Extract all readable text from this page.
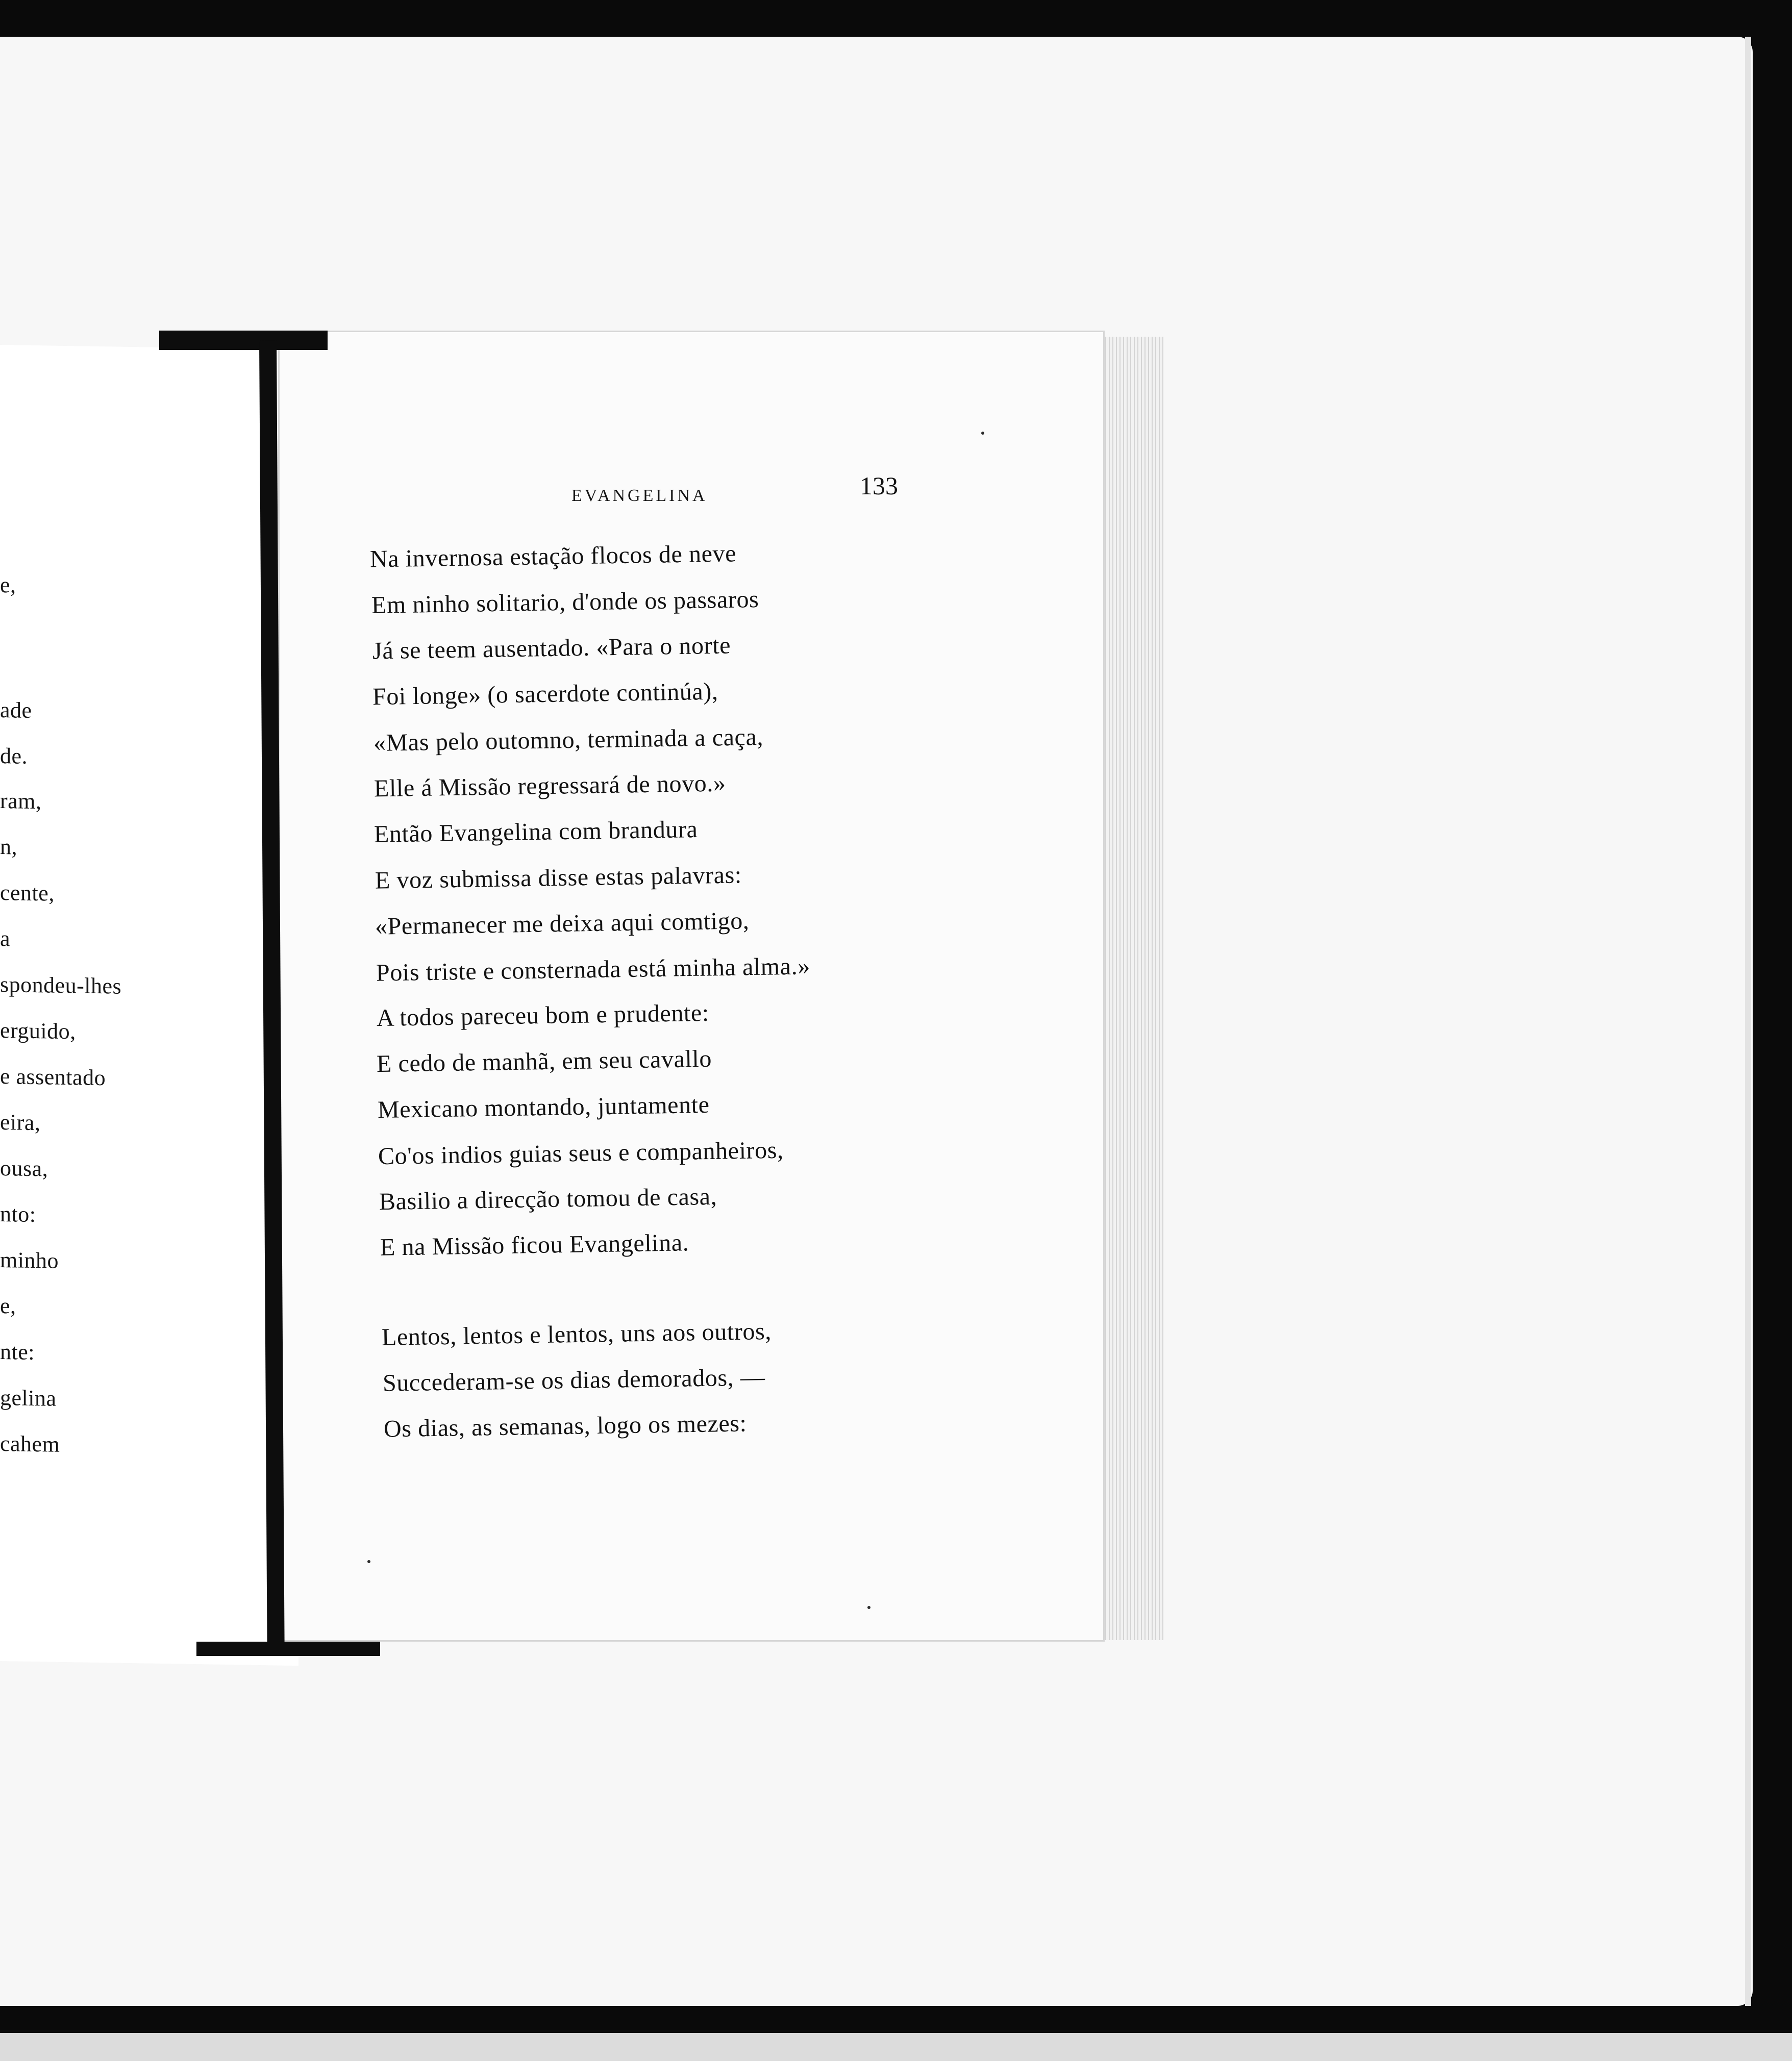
e,
ade
de.
ram,
n,
cente,
a
spondeu-lhes
erguido,
e assentado
eira,
ousa,
nto:
minho
e,
nte:
gelina
cahem
EVANGELINA	133
Na invernosa estação flocos de neve
Em ninho solitario, d'onde os passaros
Já se teem ausentado. «Para o norte
Foi longe» (o sacerdote continúa),
«Mas pelo outomno, terminada a caça,
Elle á Missão regressará de novo.»
Então Evangelina com brandura
E voz submissa disse estas palavras:
«Permanecer me deixa aqui comtigo,
Pois triste e consternada está minha alma.»
A todos pareceu bom e prudente:
E cedo de manhã, em seu cavallo
Mexicano montando, juntamente
Co'os indios guias seus e companheiros,
Basilio a direcção tomou de casa,
E na Missão ficou Evangelina.
Lentos, lentos e lentos, uns aos outros,
Succederam-se os dias demorados, —
Os dias, as semanas, logo os mezes:
